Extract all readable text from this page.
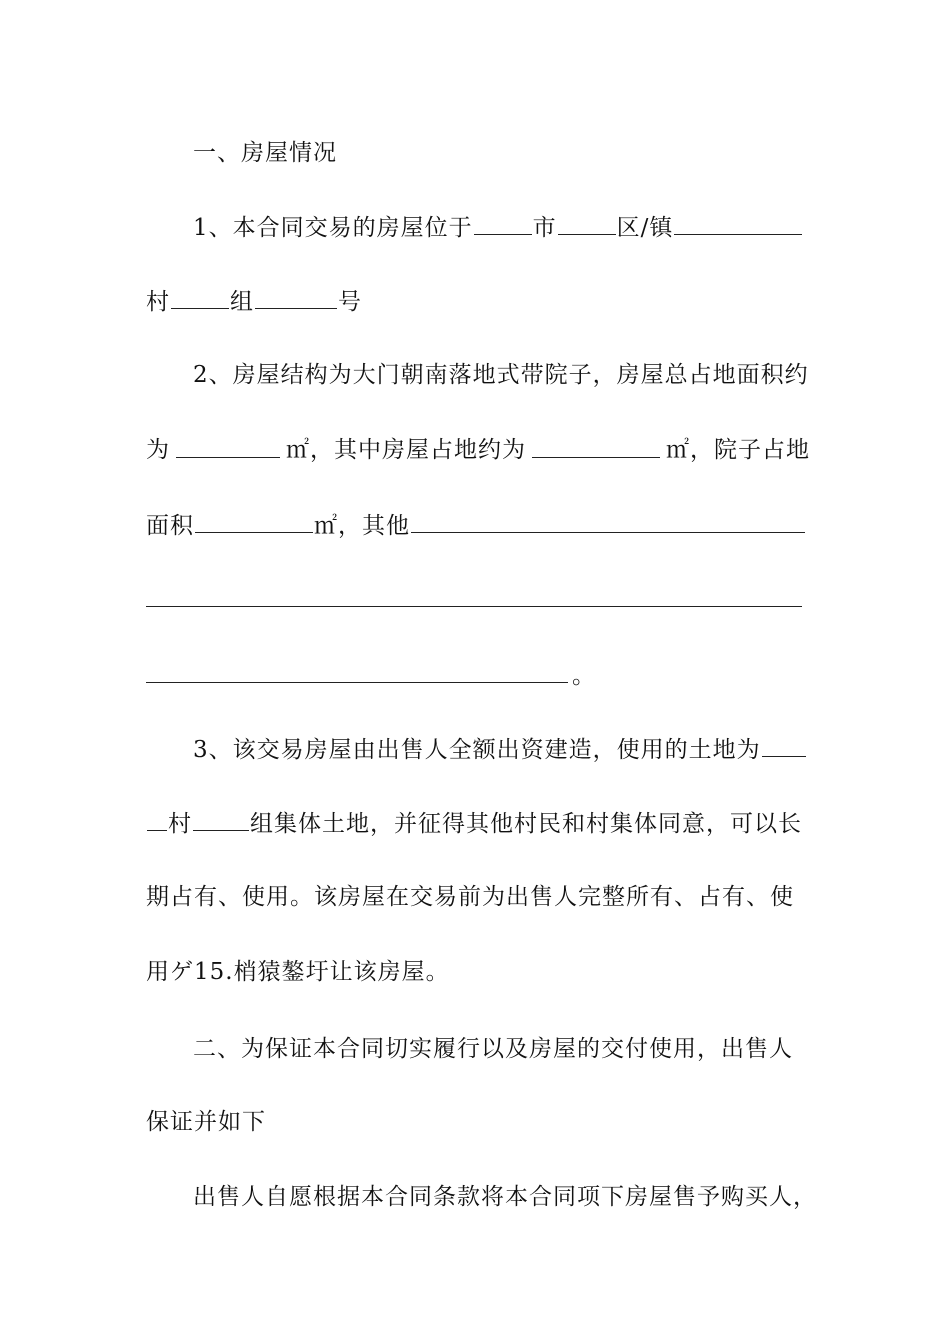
一、房屋情况
1、本合同交易的房屋位于	市	区/镇
村	组	号
2、房屋结构为大门朝南落地式带院子，房屋总占地面积约
为	㎡，其中房屋占地约为	㎡，院子占地
面积	㎡，其他
。
3、该交易房屋由出售人全额出资建造，使用的土地为
村	组集体土地，并征得其他村民和村集体同意，可以长
期占有、使用。该房屋在交易前为出售人完整所有、占有、使
用ゲ15.梢猿鏊圩让该房屋。
二、为保证本合同切实履行以及房屋的交付使用，出售人
保证并如下
出售人自愿根据本合同条款将本合同项下房屋售予购买人，
